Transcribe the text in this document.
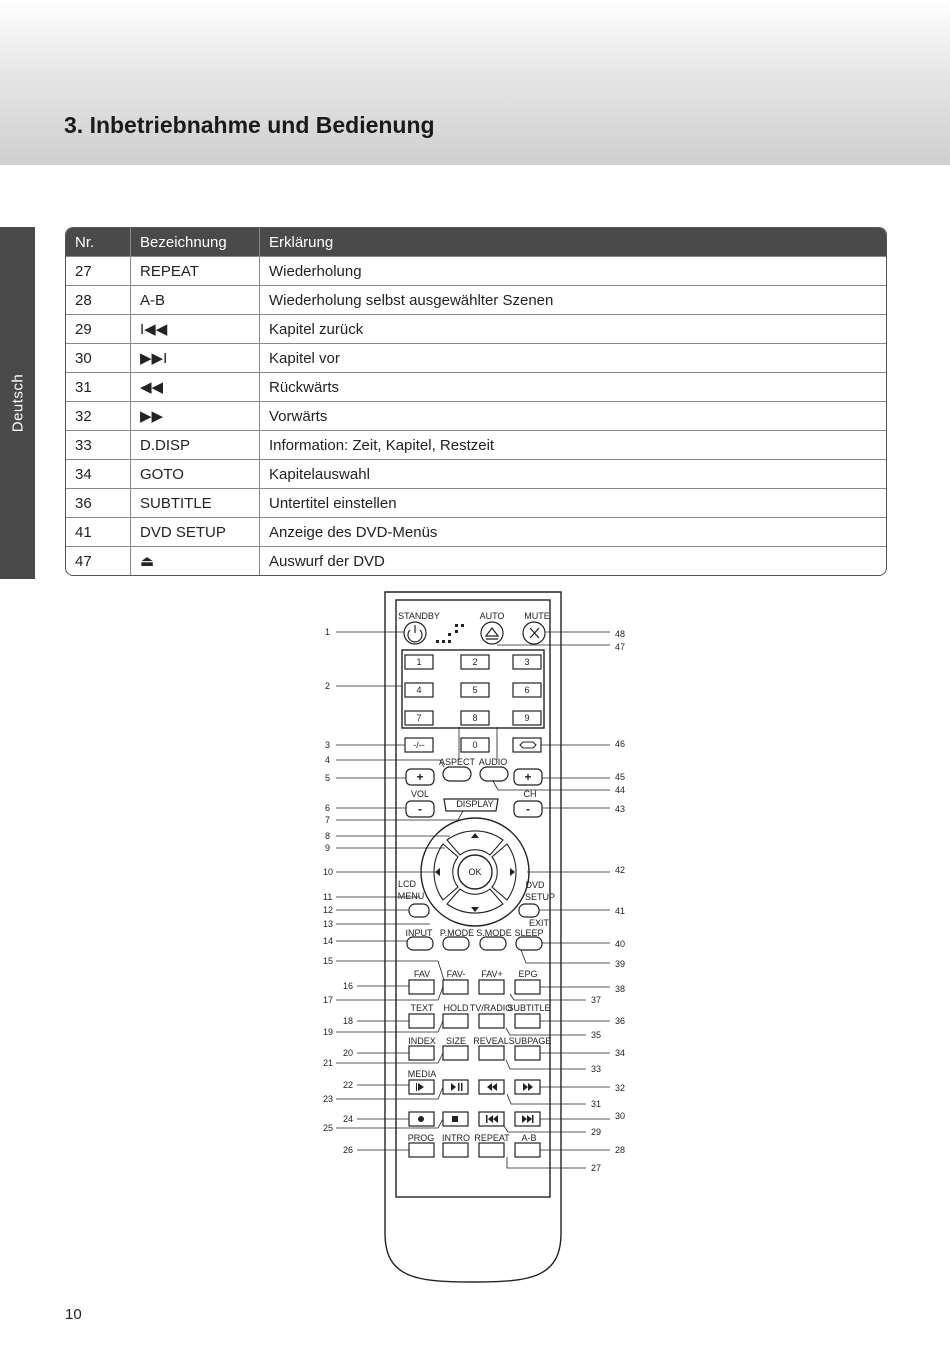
3. Inbetriebnahme und Bedienung
Deutsch
Nr.	Bezeichnung	Erklärung
27	REPEAT	Wiederholung
28	A-B	Wiederholung selbst ausgewählter Szenen
29	I◀◀	Kapitel zurück
30	▶▶I	Kapitel vor
31	◀◀	Rückwärts
32	▶▶	Vorwärts
33	D.DISP	Information: Zeit, Kapitel, Restzeit
34	GOTO	Kapitelauswahl
36	SUBTITLE	Untertitel einstellen
41	DVD SETUP	Anzeige des DVD-Menüs
47	⏏	Auswurf der DVD
STANDBY	AUTO MUTE
1	2	3
4	5	6
7	8	9
-/--	0
ASPECT AUDIO
+	+
VOL	CH
-	-
DISPLAY
OK
LCD
MENU
DVD
SETUP
EXIT
INPUT P.MODE S.MODE SLEEP
FAV FAV- FAV+ EPG
TEXT HOLD TV/RADIO
SUBTITLE
INDEX SIZE REVEAL SUBPAGE
MEDIA
PROG INTRO REPEAT A-B
1
2
3
4
5
6
7
8
9
10
11
12
13
14
15
16
17
18
19
20
21
22
23
24
25
26
27
28
29
30
31
32
33
34
35
36
37
38
39
40
41
42
43
44
45
46
47
48
10
